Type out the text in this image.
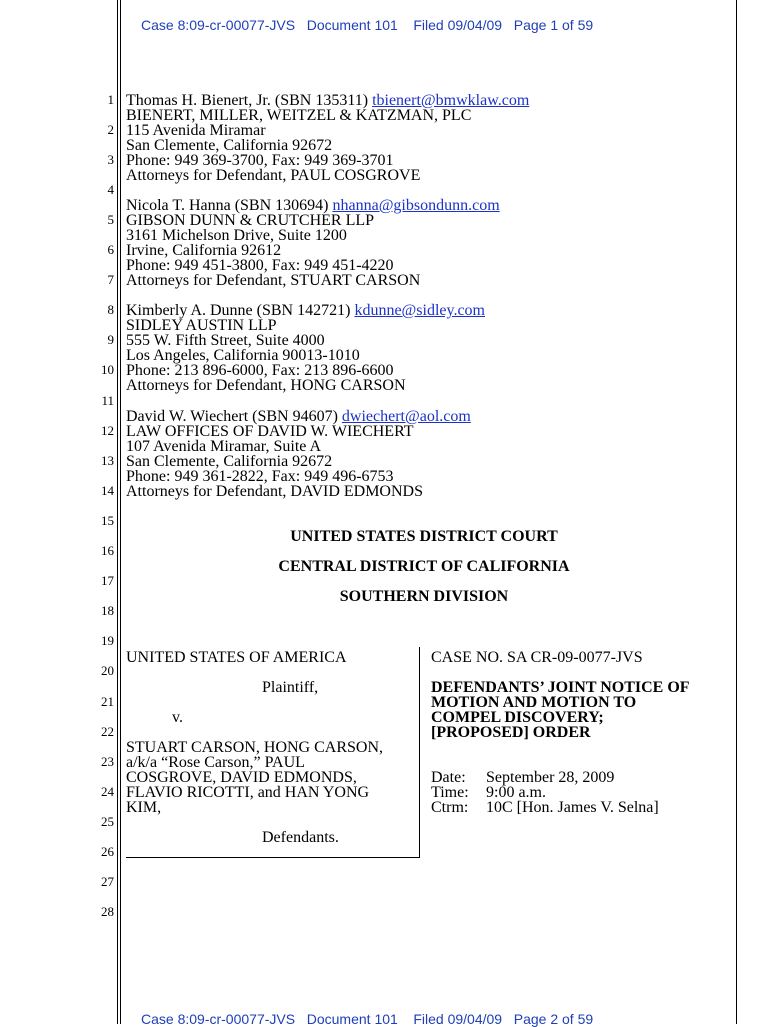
Case 8:09-cr-00077-JVS   Document 101    Filed 09/04/09   Page 1 of 59
1
2
3
4
5
6
7
8
9
10
11
12
13
14
15
16
17
18
19
20
21
22
23
24
25
26
27
28
Thomas H. Bienert, Jr. (SBN 135311) tbienert@bmwklaw.com
BIENERT, MILLER, WEITZEL & KATZMAN, PLC
115 Avenida Miramar
San Clemente, California 92672
Phone: 949 369-3700, Fax: 949 369-3701
Attorneys for Defendant, PAUL COSGROVE
Nicola T. Hanna (SBN 130694) nhanna@gibsondunn.com
GIBSON DUNN & CRUTCHER LLP
3161 Michelson Drive, Suite 1200
Irvine, California 92612
Phone: 949 451-3800, Fax: 949 451-4220
Attorneys for Defendant, STUART CARSON
Kimberly A. Dunne (SBN 142721) kdunne@sidley.com
SIDLEY AUSTIN LLP
555 W. Fifth Street, Suite 4000
Los Angeles, California 90013-1010
Phone: 213 896-6000, Fax: 213 896-6600
Attorneys for Defendant, HONG CARSON
David W. Wiechert (SBN 94607) dwiechert@aol.com
LAW OFFICES OF DAVID W. WIECHERT
107 Avenida Miramar, Suite A
San Clemente, California 92672
Phone: 949 361-2822, Fax: 949 496-6753
Attorneys for Defendant, DAVID EDMONDS
UNITED STATES DISTRICT COURT
CENTRAL DISTRICT OF CALIFORNIA
SOUTHERN DIVISION
UNITED STATES OF AMERICA
Plaintiff,
v.
STUART CARSON, HONG CARSON,
a/k/a “Rose Carson,” PAUL
COSGROVE, DAVID EDMONDS,
FLAVIO RICOTTI, and HAN YONG
KIM,
Defendants.
CASE NO. SA CR-09-0077-JVS
DEFENDANTS’ JOINT NOTICE OF
MOTION AND MOTION TO
COMPEL DISCOVERY;
[PROPOSED] ORDER
Date: September 28, 2009
Time: 9:00 a.m.
Ctrm: 10C [Hon. James V. Selna]
Case 8:09-cr-00077-JVS   Document 101    Filed 09/04/09   Page 2 of 59
